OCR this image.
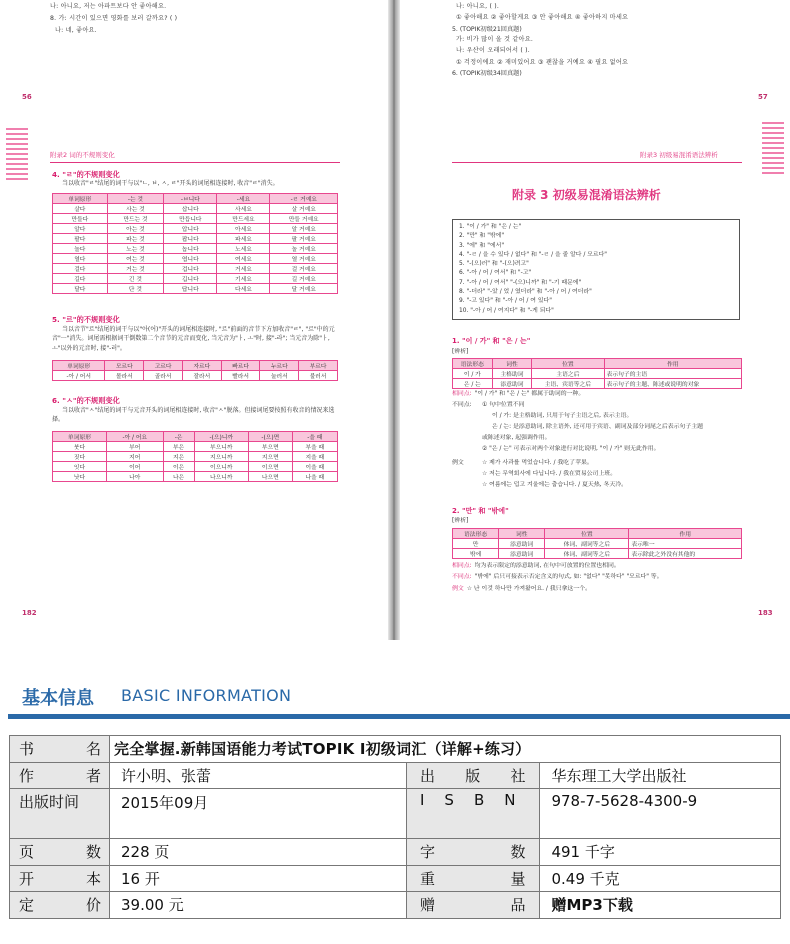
나: 아니요, 저는 아파트보다 안 좋아해요.
8. 가: 시간이 있으면 영화를 보러 갈까요? ( )
나: 네, 좋아요.
56
附录2 词的不规则变化
4. "ㄹ"的不规则变化
当以收音"ㄹ"结尾的词干与以"ㄴ, ㅂ, ㅅ, ㄹ"开头的词尾相连接时, 收音"ㄹ"消失。
单词原形	-는 것	-ㅂ니다	-세요	-ㄹ 거예요
살다	사는 것	삽니다	사세요	살 거예요
만들다	만드는 것	만듭니다	만드세요	만들 거예요
알다	아는 것	압니다	아세요	알 거예요
팔다	파는 것	팝니다	파세요	팔 거예요
놀다	노는 것	놉니다	노세요	놀 거예요
열다	여는 것	엽니다	여세요	열 거예요
걸다	거는 것	겁니다	거세요	걸 거예요
길다	긴 것	깁니다	기세요	길 거예요
달다	단 것	답니다	다세요	달 거예요
5. "르"的不规则变化
当以音节"르"结尾的词干与以"아(어)"开头的词尾相连接时, "르"前面的音节下方加收音"ㄹ", "르"中的元音"ㅡ"消失。词尾需根据词干倒数第二个音节的元音而变化, 当元音为"ㅏ, ㅗ"时, 接"-라"; 当元音为除"ㅏ, ㅗ"以外的元音时, 接"-러"。
单词原形	모르다	고르다	자르다	빠르다	누르다	부르다
-아 / 어서	몰라서	골라서	잘라서	빨라서	눌러서	불러서
6. "ㅅ"的不规则变化
当以收音"ㅅ"结尾的词干与元音开头的词尾相连接时, 收音"ㅅ"脱落。但接词尾要按照有收音的情况来选择。
单词原形	-아 / 어요	-은	-(으)니까	-(으)면	-을 때
붓다	부어	부은	부으니까	부으면	부을 때
짓다	지어	지은	지으니까	지으면	지을 때
잇다	이어	이은	이으니까	이으면	이을 때
낫다	나아	나은	나으니까	나으면	나을 때
182
나: 아니요, ( ).
① 좋아해요 ② 좋아할게요 ③ 안 좋아해요 ④ 좋아하지 마세요
5. (TOPIK初级21回真题)
가: 비가 많이 올 것 같아요.
나: 우산이 오래되어서 ( ).
① 걱정이에요 ② 재미있어요 ③ 괜찮을 거예요 ④ 필요 없어요
6. (TOPIK初级34回真题)
57
附录3 初级易混淆语法辨析
附录 3 初级易混淆语法辨析
1. "이 / 가" 和 "은 / 는"
2. "만" 和 "밖에"
3. "에" 和 "에서"
4. "-ㄹ / 을 수 있다 / 없다" 和 "-ㄹ / 을 줄 알다 / 모르다"
5. "-(으)러" 和 "-(으)려고"
6. "-아 / 어 / 여서" 和 "-고"
7. "-아 / 어 / 여서" "-(으)니까" 和 "-기 때문에"
8. "-더라" "-았 / 었 / 였더라" 和 "-아 / 어 / 여더라"
9. "-고 있다" 和 "-아 / 어 / 여 있다"
10. "-아 / 어 / 여지다" 和 "-게 되다"
1. "이 / 가" 和 "은 / 는"
[辨析]
语法形态	词性	位置	作用
이 / 가	主格助词	主语之后	表示句子的主语
은 / 는	添意助词	主语、宾语等之后	表示句子的主题、陈述或说明的对象
相同点: "이 / 가" 和 "은 / 는" 都属于助词的一种。
不同点: ① 句中位置不同
이 / 가: 是主格助词, 只用于句子主语之后, 表示主语。
은 / 는: 是添意助词, 除主语外, 还可用于宾语、副词及部分词尾之后表示句子主题
或陈述对象, 起强调作用。
② "은 / 는" 可表示对两个对象进行对比说明, "이 / 가" 则无此作用。
例文	☆ 제가 사과를 먹었습니다. / 我吃了苹果。
☆ 저는 무역회사에 다닙니다. / 我在贸易公司上班。
☆ 여름에는 덥고 겨울에는 춥습니다. / 夏天热, 冬天冷。
2. "만" 和 "밖에"
[辨析]
语法形态	词性	位置	作用
만	添意助词	体词、副词等之后	表示唯一
밖에	添意助词	体词、副词等之后	表示除此之外没有其他的
相同点: 均为表示限定的添意助词, 在句中可放置的位置也相同。
不同点: "밖에" 后只可接表示否定含义的句式, 如: "없다" "못하다" "모르다" 等。
例文 ☆ 난 이것 하나만 가져왔어요. / 我只拿这一个。
183
基本信息 BASIC INFORMATION
书名	完全掌握.新韩国语能力考试TOPIK Ⅰ初级词汇（详解+练习）		
作者	许小明、张蕾	出版社	华东理工大学出版社
出版时间	2015年09月	ISBN	978-7-5628-4300-9
页数	228 页	字数	491 千字
开本	16 开	重量	0.49 千克
定价	39.00 元	赠品	赠MP3下载
